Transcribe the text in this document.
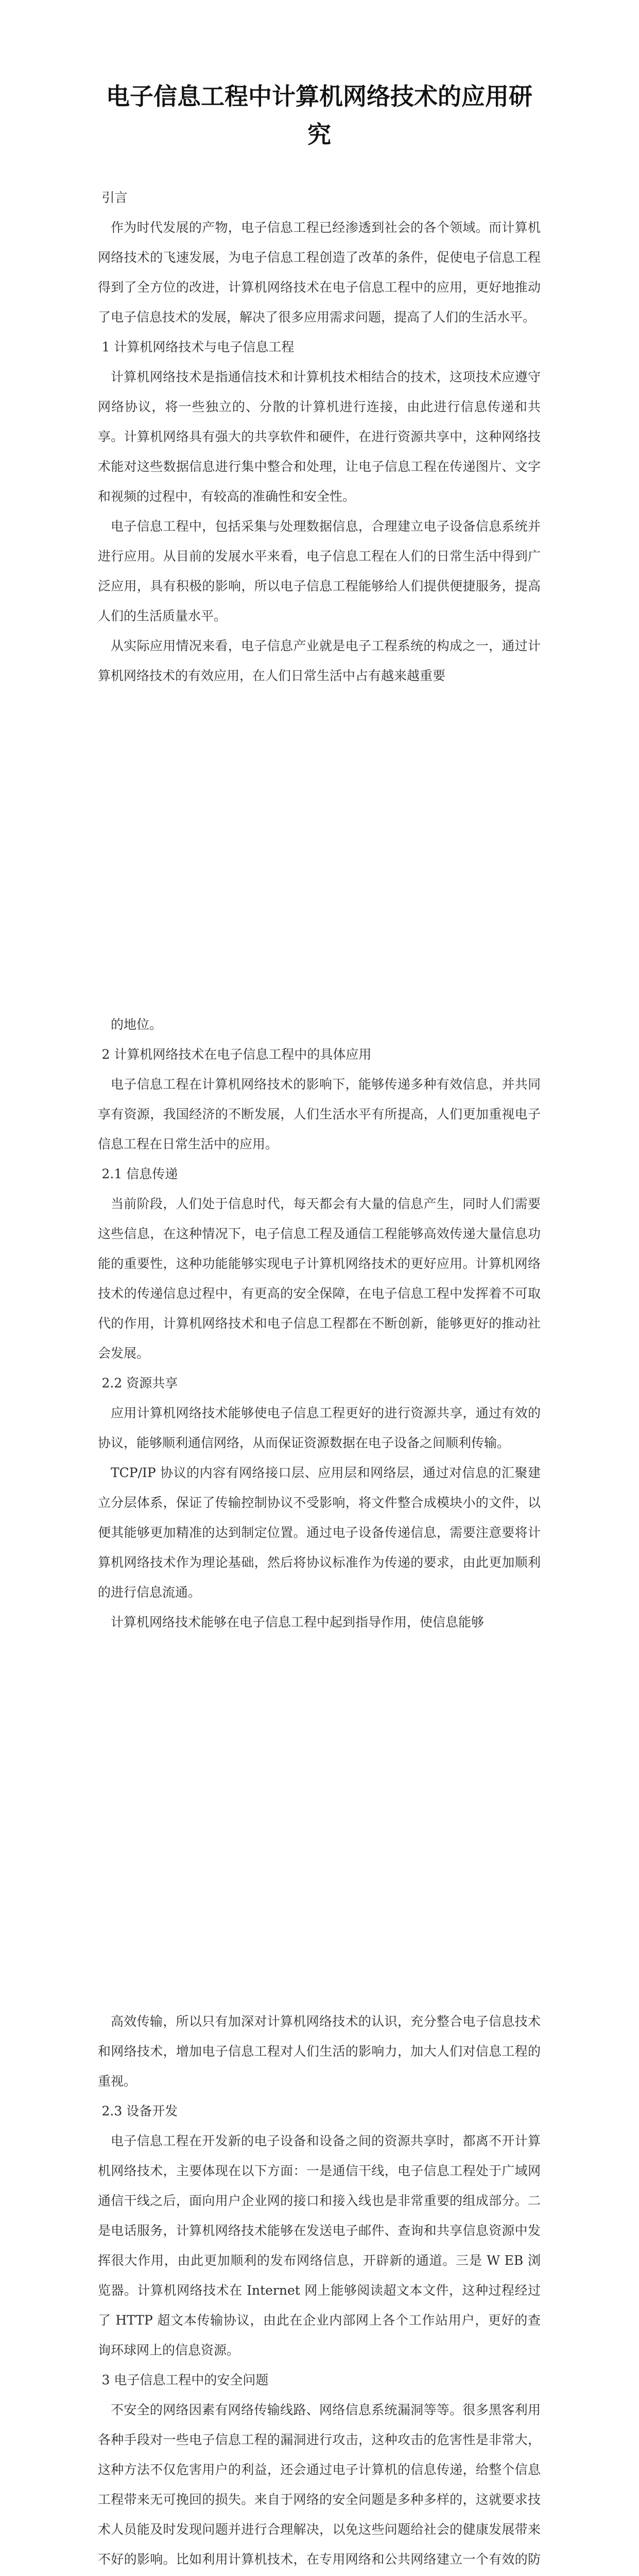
电子信息工程中计算机网络技术的应用研究

引言

作为时代发展的产物，电子信息工程已经渗透到社会的各个领域。而计算机网络技术的飞速发展，为电子信息工程创造了改革的条件，促使电子信息工程得到了全方位的改进，计算机网络技术在电子信息工程中的应用，更好地推动了电子信息技术的发展，解决了很多应用需求问题，提高了人们的生活水平。

1 计算机网络技术与电子信息工程

计算机网络技术是指通信技术和计算机技术相结合的技术，这项技术应遵守网络协议，将一些独立的、分散的计算机进行连接，由此进行信息传递和共享。计算机网络具有强大的共享软件和硬件，在进行资源共享中，这种网络技术能对这些数据信息进行集中整合和处理，让电子信息工程在传递图片、文字和视频的过程中，有较高的准确性和安全性。

电子信息工程中，包括采集与处理数据信息，合理建立电子设备信息系统并进行应用。从目前的发展水平来看，电子信息工程在人们的日常生活中得到广泛应用，具有积极的影响，所以电子信息工程能够给人们提供便捷服务，提高人们的生活质量水平。

从实际应用情况来看，电子信息产业就是电子工程系统的构成之一，通过计算机网络技术的有效应用，在人们日常生活中占有越来越重要

的地位。

2 计算机网络技术在电子信息工程中的具体应用

电子信息工程在计算机网络技术的影响下，能够传递多种有效信息，并共同享有资源，我国经济的不断发展，人们生活水平有所提高，人们更加重视电子信息工程在日常生活中的应用。

2.1 信息传递

当前阶段，人们处于信息时代，每天都会有大量的信息产生，同时人们需要这些信息，在这种情况下，电子信息工程及通信工程能够高效传递大量信息功能的重要性，这种功能能够实现电子计算机网络技术的更好应用。计算机网络技术的传递信息过程中，有更高的安全保障，在电子信息工程中发挥着不可取代的作用，计算机网络技术和电子信息工程都在不断创新，能够更好的推动社会发展。

2.2 资源共享

应用计算机网络技术能够使电子信息工程更好的进行资源共享，通过有效的协议，能够顺利通信网络，从而保证资源数据在电子设备之间顺利传输。

TCP/IP 协议的内容有网络接口层、应用层和网络层，通过对信息的汇聚建立分层体系，保证了传输控制协议不受影响，将文件整合成模块小的文件，以便其能够更加精准的达到制定位置。通过电子设备传递信息，需要注意要将计算机网络技术作为理论基础，然后将协议标准作为传递的要求，由此更加顺利的进行信息流通。

计算机网络技术能够在电子信息工程中起到指导作用，使信息能够

高效传输，所以只有加深对计算机网络技术的认识，充分整合电子信息技术和网络技术，增加电子信息工程对人们生活的影响力，加大人们对信息工程的重视。

2.3 设备开发

电子信息工程在开发新的电子设备和设备之间的资源共享时，都离不开计算机网络技术，主要体现在以下方面：一是通信干线，电子信息工程处于广域网通信干线之后，面向用户企业网的接口和接入线也是非常重要的组成部分。二是电话服务，计算机网络技术能够在发送电子邮件、查询和共享信息资源中发挥很大作用，由此更加顺利的发布网络信息，开辟新的通道。三是 W EB 浏览器。计算机网络技术在 Internet 网上能够阅读超文本文件，这种过程经过了 HTTP 超文本传输协议，由此在企业内部网上各个工作站用户，更好的查询环球网上的信息资源。

3 电子信息工程中的安全问题

不安全的网络因素有网络传输线路、网络信息系统漏洞等等。很多黑客利用各种手段对一些电子信息工程的漏洞进行攻击，这种攻击的危害性是非常大，这种方法不仅危害用户的利益，还会通过电子计算机的信息传递，给整个信息工程带来无可挽回的损失。来自于网络的安全问题是多种多样的，这就要求技术人员能及时发现问题并进行合理解决，以免这些问题给社会的健康发展带来不好的影响。比如利用计算机技术，在专用网络和公共网络建立一个有效的防
